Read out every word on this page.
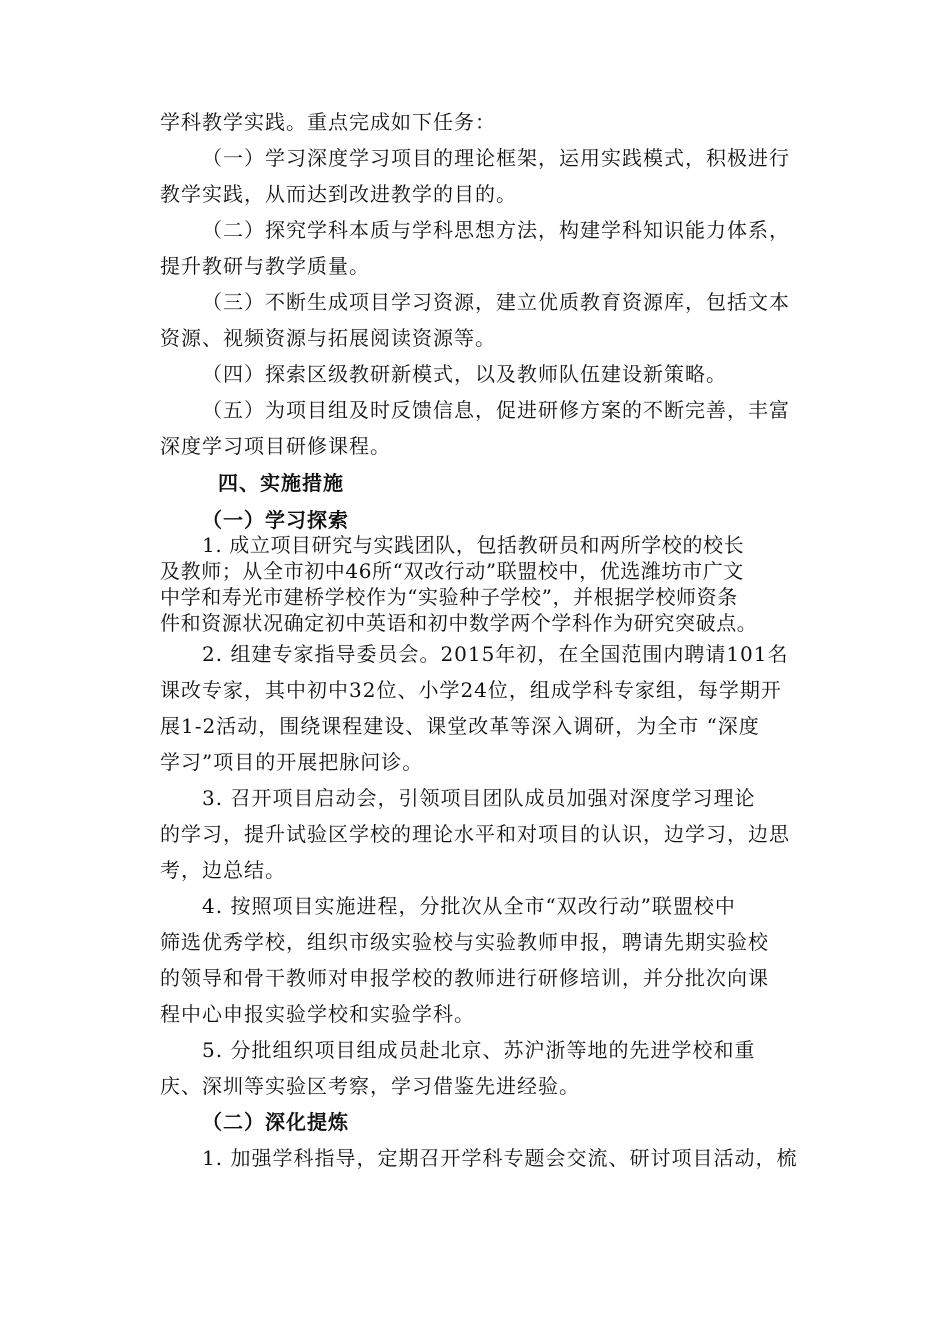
学科教学实践。重点完成如下任务：
（一）学习深度学习项目的理论框架，运用实践模式，积极进行
教学实践，从而达到改进教学的目的。
（二）探究学科本质与学科思想方法，构建学科知识能力体系，
提升教研与教学质量。
（三）不断生成项目学习资源，建立优质教育资源库，包括文本
资源、视频资源与拓展阅读资源等。
（四）探索区级教研新模式，以及教师队伍建设新策略。
（五）为项目组及时反馈信息，促进研修方案的不断完善，丰富
深度学习项目研修课程。
四、实施措施
（一）学习探索
1. 成立项目研究与实践团队，包括教研员和两所学校的校长
及教师；从全市初中46所“双改行动”联盟校中，优选潍坊市广文
中学和寿光市建桥学校作为“实验种子学校”，并根据学校师资条
件和资源状况确定初中英语和初中数学两个学科作为研究突破点。
2. 组建专家指导委员会。2015年初，在全国范围内聘请101名
课改专家，其中初中32位、小学24位，组成学科专家组，每学期开
展1-2活动，围绕课程建设、课堂改革等深入调研，为全市 “深度
学习”项目的开展把脉问诊。
3. 召开项目启动会，引领项目团队成员加强对深度学习理论
的学习，提升试验区学校的理论水平和对项目的认识，边学习，边思
考，边总结。
4. 按照项目实施进程，分批次从全市“双改行动”联盟校中
筛选优秀学校，组织市级实验校与实验教师申报，聘请先期实验校
的领导和骨干教师对申报学校的教师进行研修培训，并分批次向课
程中心申报实验学校和实验学科。
5. 分批组织项目组成员赴北京、苏沪浙等地的先进学校和重
庆、深圳等实验区考察，学习借鉴先进经验。
（二）深化提炼
1. 加强学科指导，定期召开学科专题会交流、研讨项目活动，梳
